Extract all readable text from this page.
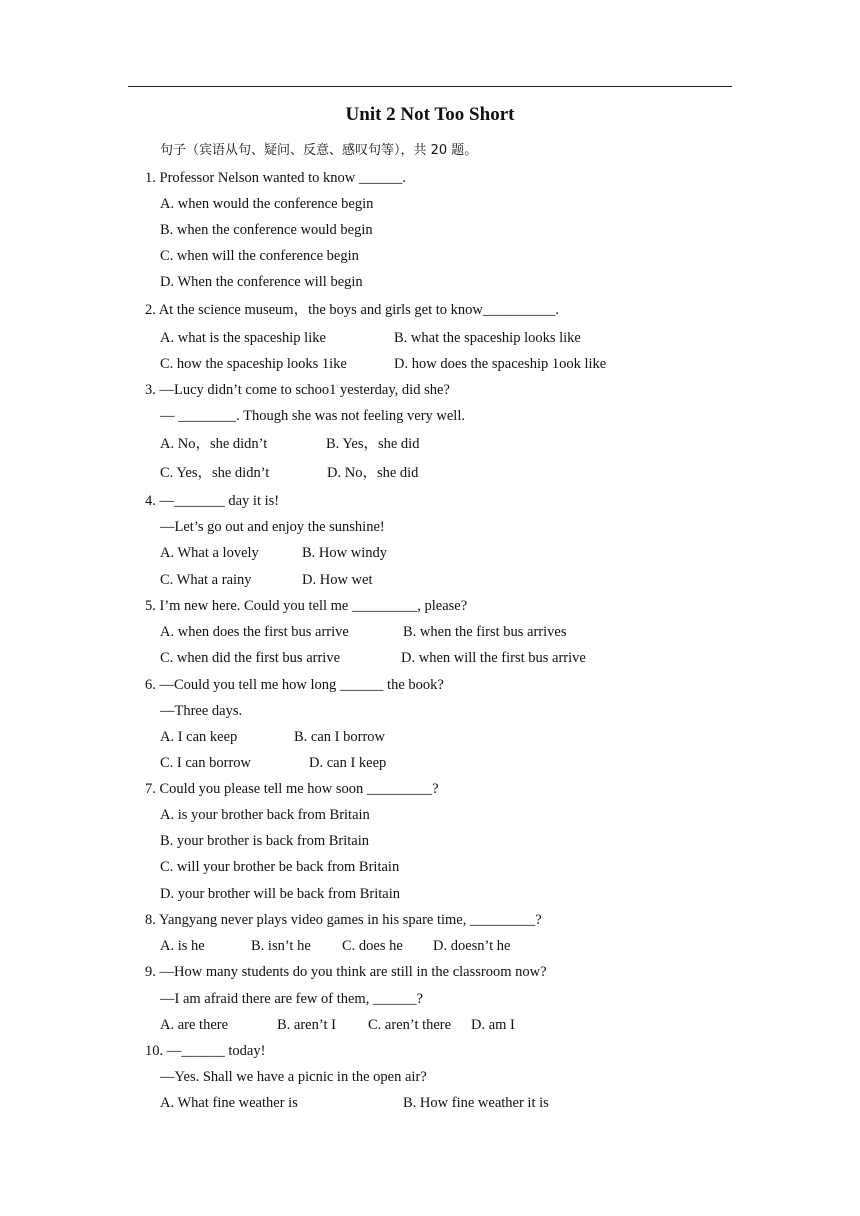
Unit 2 Not Too Short
句子（宾语从句、疑问、反意、感叹句等），共 20 题。
1. Professor Nelson wanted to know ______.
A. when would the conference begin
B. when the conference would begin
C. when will the conference begin
D. When the conference will begin
2. At the science museum，the boys and girls get to know__________.
A. what is the spaceship like	B. what the spaceship looks like
C. how the spaceship looks 1ike	D. how does the spaceship 1ook like
3. —Lucy didn’t come to schoo1 yesterday, did she?
— ________. Though she was not feeling very well.
A. No，she didn’t	B. Yes，she did
C. Yes，she didn’t	D. No，she did
4. —_______ day it is!
—Let’s go out and enjoy the sunshine!
A. What a lovely	B. How windy
C. What a rainy	D. How wet
5. I’m new here. Could you tell me _________, please?
A. when does the first bus arrive	B. when the first bus arrives
C. when did the first bus arrive	D. when will the first bus arrive
6. —Could you tell me how long ______ the book?
—Three days.
A. I can keep	B. can I borrow
C. I can borrow	D. can I keep
7. Could you please tell me how soon _________?
A. is your brother back from Britain
B. your brother is back from Britain
C. will your brother be back from Britain
D. your brother will be back from Britain
8. Yangyang never plays video games in his spare time, _________?
A. is he	B. isn’t he C. does he D. doesn’t he
9. —How many students do you think are still in the classroom now?
—I am afraid there are few of them, ______?
A. are there	B. aren’t I C. aren’t there D. am I
10. —______ today!
—Yes. Shall we have a picnic in the open air?
A. What fine weather is	B. How fine weather it is
